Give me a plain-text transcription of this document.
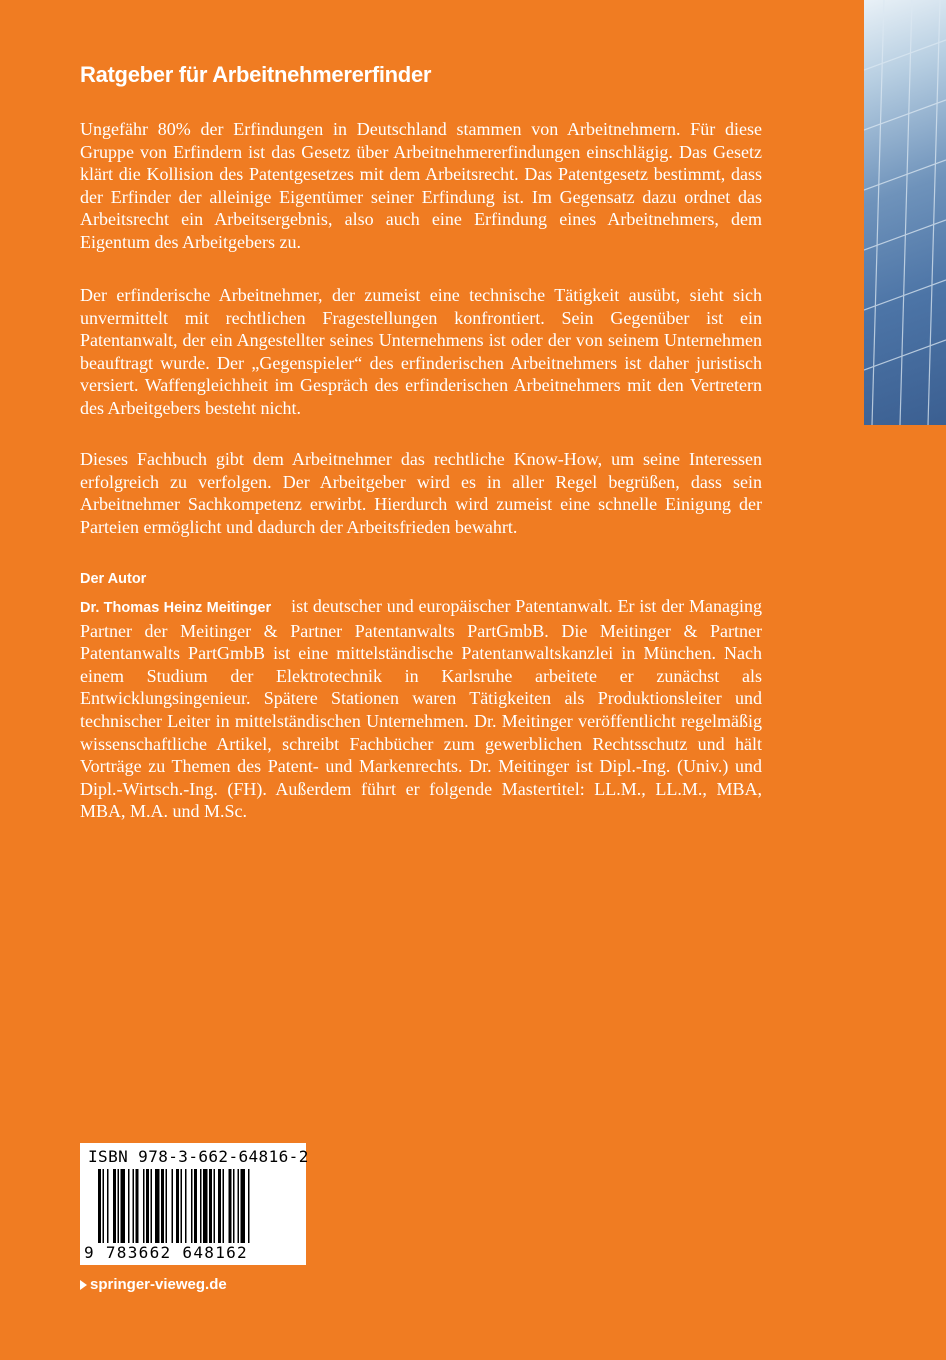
Ratgeber für Arbeitnehmererfinder

Ungefähr 80% der Erfindungen in Deutschland stammen von Arbeitnehmern. Für diese Gruppe von Erfindern ist das Gesetz über Arbeitnehmererfindungen einschlägig. Das Gesetz klärt die Kollision des Patentgesetzes mit dem Arbeitsrecht. Das Patentgesetz bestimmt, dass der Erfinder der alleinige Eigentümer seiner Erfindung ist. Im Gegensatz dazu ordnet das Arbeitsrecht ein Arbeitsergebnis, also auch eine Erfindung eines Arbeitnehmers, dem Eigentum des Arbeitgebers zu.

Der erfinderische Arbeitnehmer, der zumeist eine technische Tätigkeit ausübt, sieht sich unvermittelt mit rechtlichen Fragestellungen konfrontiert. Sein Gegenüber ist ein Patentanwalt, der ein Angestellter seines Unternehmens ist oder der von seinem Unternehmen beauftragt wurde. Der „Gegenspieler“ des erfinderischen Arbeitnehmers ist daher juristisch versiert. Waffengleichheit im Gespräch des erfinderischen Arbeitnehmers mit den Vertretern des Arbeitgebers besteht nicht.

Dieses Fachbuch gibt dem Arbeitnehmer das rechtliche Know-How, um seine Interessen erfolgreich zu verfolgen. Der Arbeitgeber wird es in aller Regel begrüßen, dass sein Arbeitnehmer Sachkompetenz erwirbt. Hierdurch wird zumeist eine schnelle Einigung der Parteien ermöglicht und dadurch der Arbeitsfrieden bewahrt.

Der Autor

Dr. Thomas Heinz Meitinger ist deutscher und europäischer Patentanwalt. Er ist der Managing Partner der Meitinger & Partner Patentanwalts PartGmbB. Die Meitinger & Partner Patentanwalts PartGmbB ist eine mittelständische Patentanwaltskanzlei in München. Nach einem Studium der Elektrotechnik in Karlsruhe arbeitete er zunächst als Entwicklungsingenieur. Spätere Stationen waren Tätigkeiten als Produktionsleiter und technischer Leiter in mittelständischen Unternehmen. Dr. Meitinger veröffentlicht regelmäßig wissenschaftliche Artikel, schreibt Fachbücher zum gewerblichen Rechtsschutz und hält Vorträge zu Themen des Patent- und Markenrechts. Dr. Meitinger ist Dipl.-Ing. (Univ.) und Dipl.-Wirtsch.-Ing. (FH). Außerdem führt er folgende Mastertitel: LL.M., LL.M., MBA, MBA, M.A. und M.Sc.

ISBN 978-3-662-64816-2
9 783662 648162
springer-vieweg.de
